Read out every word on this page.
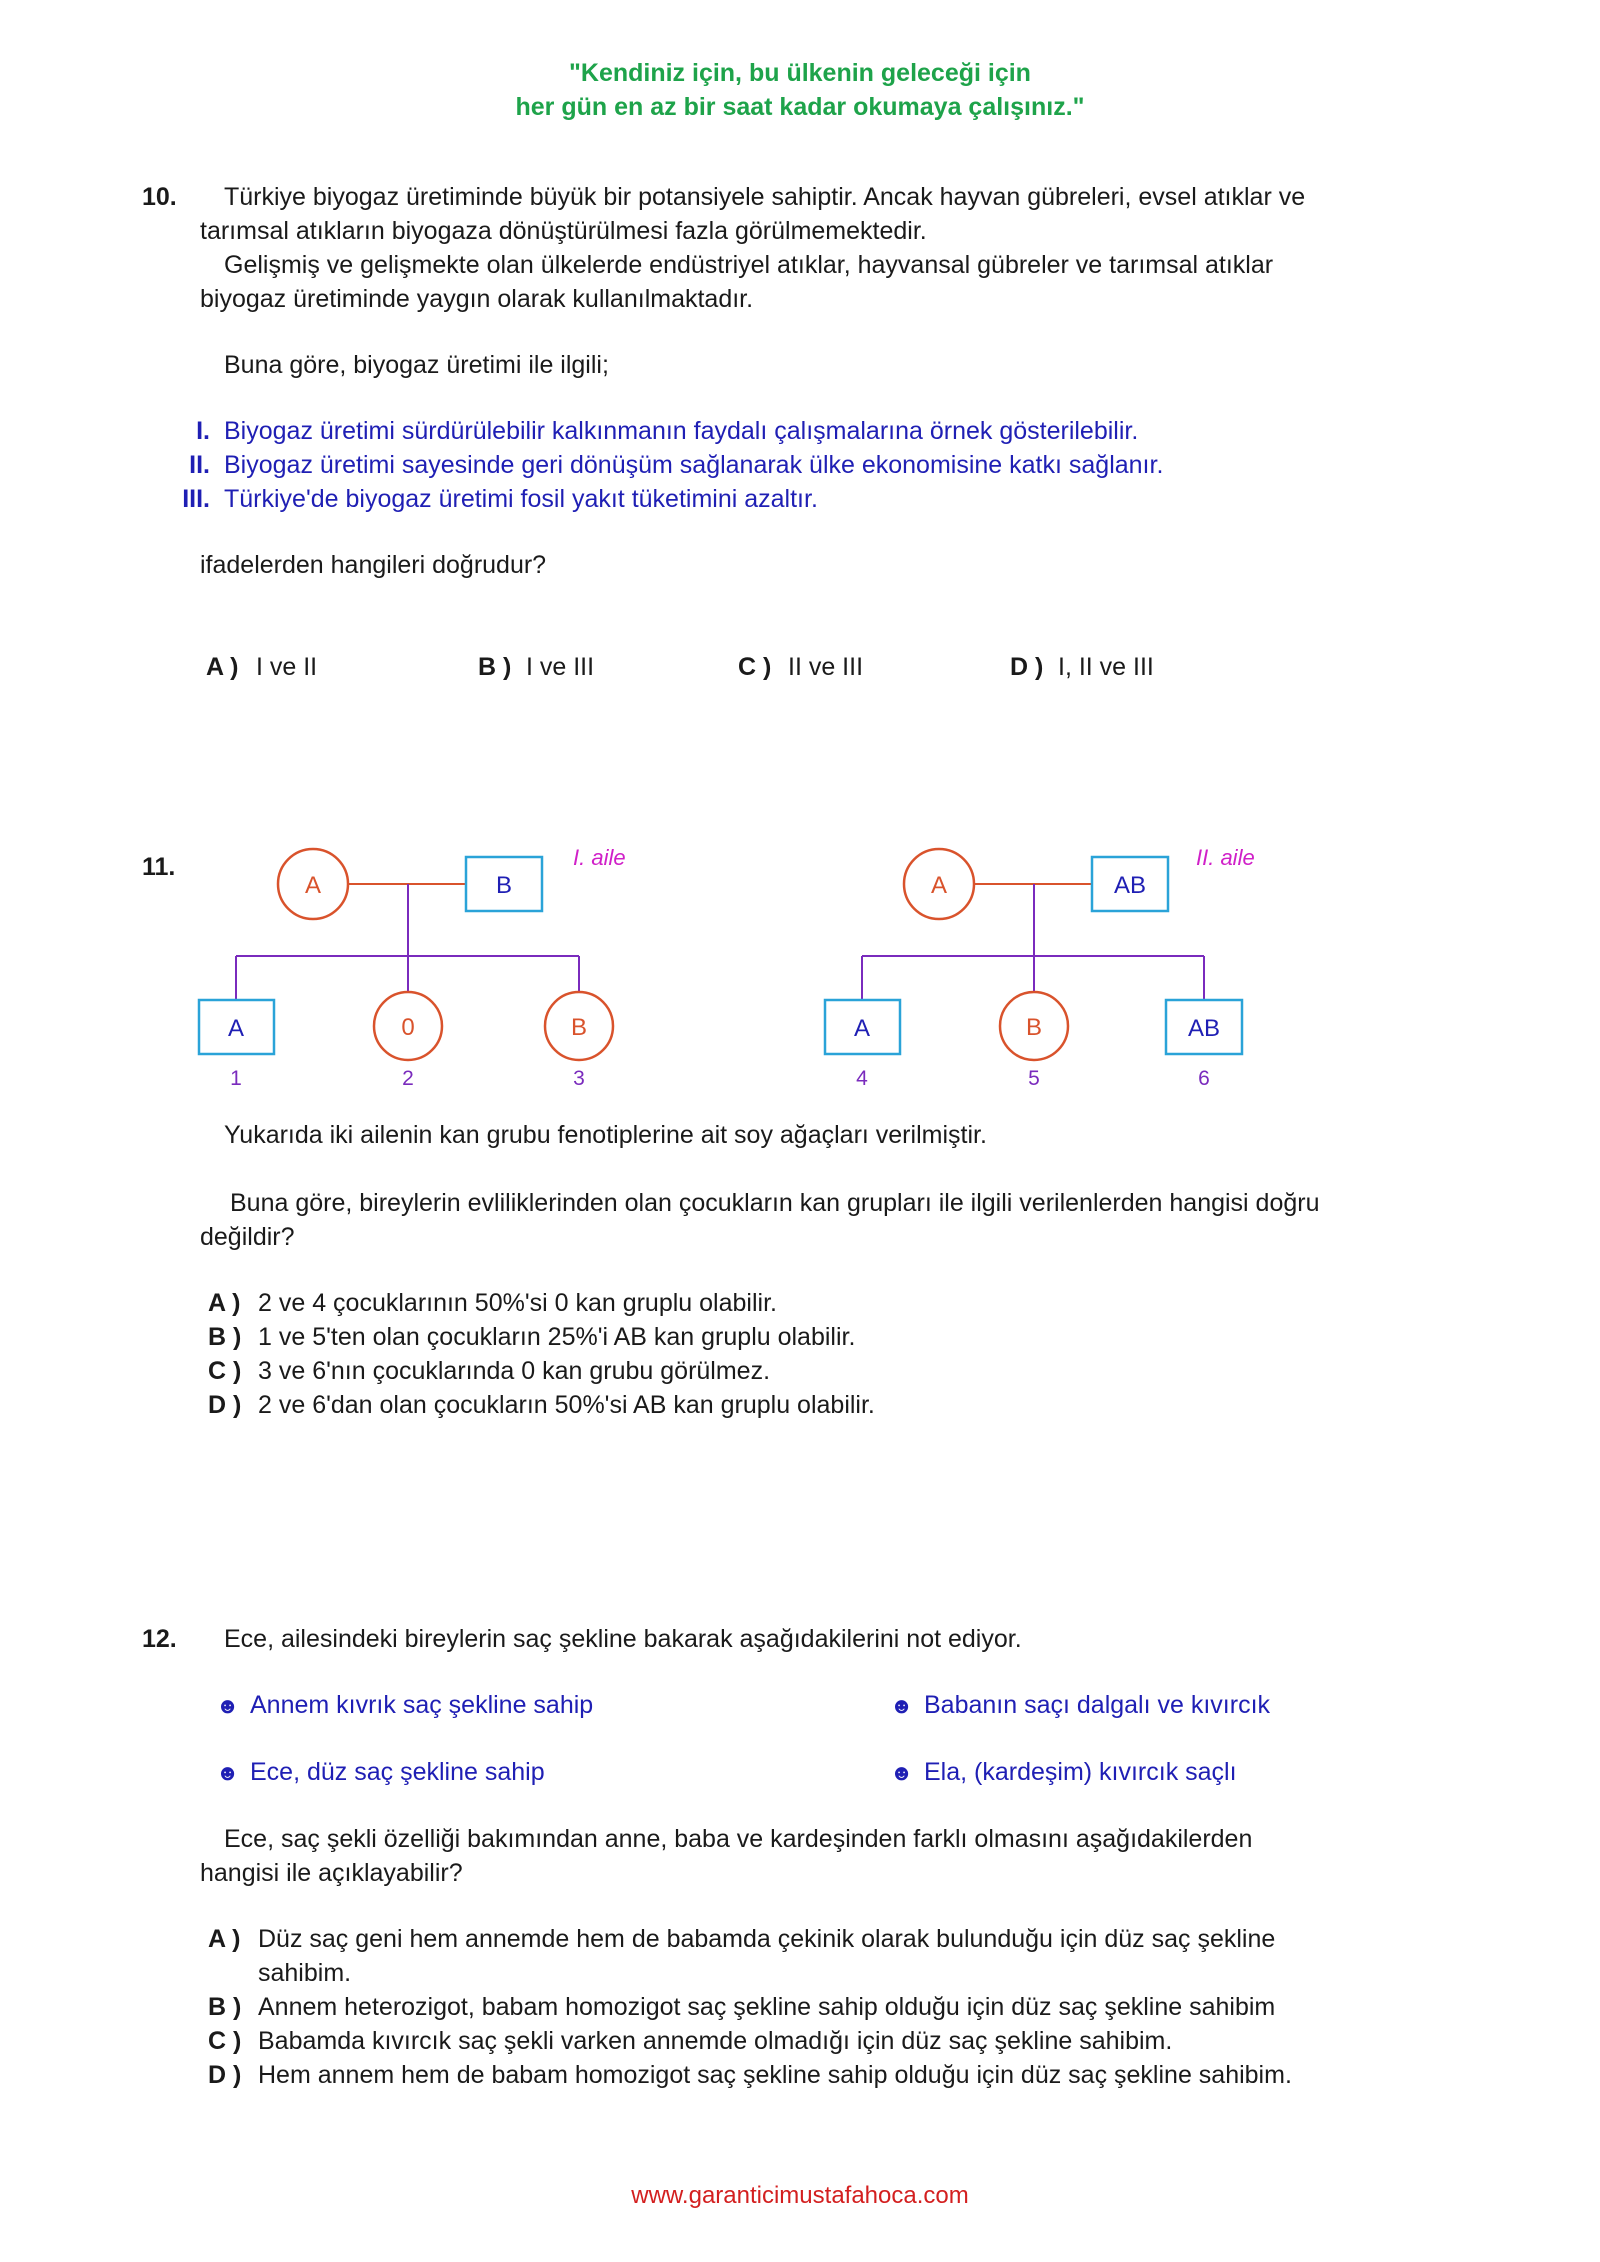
"Kendiniz için, bu ülkenin geleceği için
her gün en az bir saat kadar okumaya çalışınız."
10. Türkiye biyogaz üretiminde büyük bir potansiyele sahiptir. Ancak hayvan gübreleri, evsel atıklar ve
tarımsal atıkların biyogaza dönüştürülmesi fazla görülmemektedir.
Gelişmiş ve gelişmekte olan ülkelerde endüstriyel atıklar, hayvansal gübreler ve tarımsal atıklar
biyogaz üretiminde yaygın olarak kullanılmaktadır.
Buna göre, biyogaz üretimi ile ilgili;
I. Biyogaz üretimi sürdürülebilir kalkınmanın faydalı çalışmalarına örnek gösterilebilir.
II. Biyogaz üretimi sayesinde geri dönüşüm sağlanarak ülke ekonomisine katkı sağlanır.
III. Türkiye'de biyogaz üretimi fosil yakıt tüketimini azaltır.
ifadelerden hangileri doğrudur?
A ) I ve II	B ) I ve III	C ) II ve III	D ) I, II ve III
11.
A	B
I. aile
A
1
0
2
B
3
A	AB
II. aile
A
4
B
5
AB
6
Yukarıda iki ailenin kan grubu fenotiplerine ait soy ağaçları verilmiştir.
Buna göre, bireylerin evliliklerinden olan çocukların kan grupları ile ilgili verilenlerden hangisi doğru
değildir?
A ) 2 ve 4 çocuklarının 50%'si 0 kan gruplu olabilir.
B ) 1 ve 5'ten olan çocukların 25%'i AB kan gruplu olabilir.
C ) 3 ve 6'nın çocuklarında 0 kan grubu görülmez.
D ) 2 ve 6'dan olan çocukların 50%'si AB kan gruplu olabilir.
12. Ece, ailesindeki bireylerin saç şekline bakarak aşağıdakilerini not ediyor.
☻ Annem kıvrık saç şekline sahip	☻ Babanın saçı dalgalı ve kıvırcık
☻ Ece, düz saç şekline sahip	☻ Ela, (kardeşim) kıvırcık saçlı
Ece, saç şekli özelliği bakımından anne, baba ve kardeşinden farklı olmasını aşağıdakilerden
hangisi ile açıklayabilir?
A ) Düz saç geni hem annemde hem de babamda çekinik olarak bulunduğu için düz saç şekline
sahibim.
B ) Annem heterozigot, babam homozigot saç şekline sahip olduğu için düz saç şekline sahibim
C ) Babamda kıvırcık saç şekli varken annemde olmadığı için düz saç şekline sahibim.
D ) Hem annem hem de babam homozigot saç şekline sahip olduğu için düz saç şekline sahibim.
www.garanticimustafahoca.com
